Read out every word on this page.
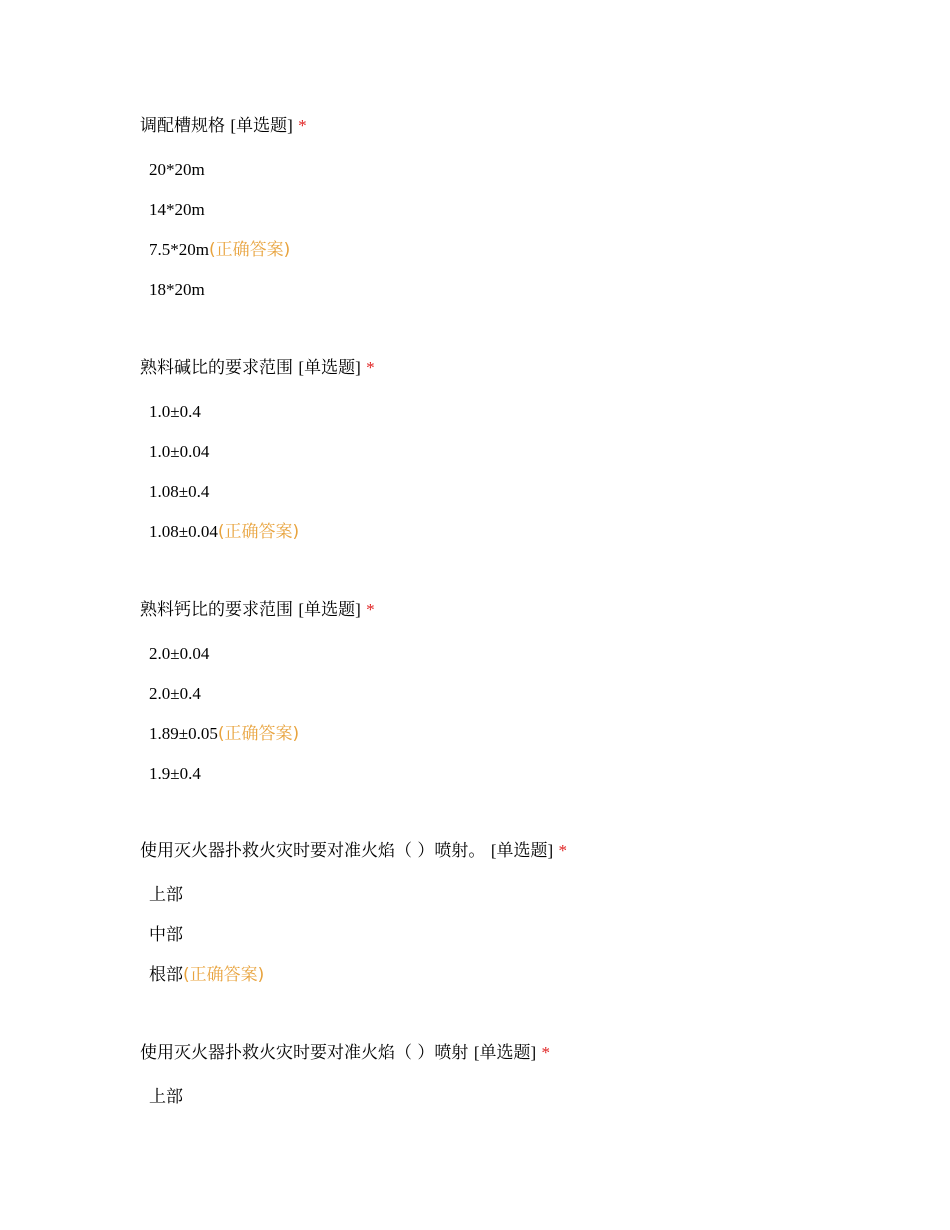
调配槽规格 [单选题] *
20*20m
14*20m
7.5*20m(正确答案)
18*20m
熟料碱比的要求范围 [单选题] *
1.0±0.4
1.0±0.04
1.08±0.4
1.08±0.04(正确答案)
熟料钙比的要求范围 [单选题] *
2.0±0.04
2.0±0.4
1.89±0.05(正确答案)
1.9±0.4
使用灭火器扑救火灾时要对准火焰（ ）喷射。 [单选题] *
上部
中部
根部(正确答案)
使用灭火器扑救火灾时要对准火焰（ ）喷射 [单选题] *
上部
